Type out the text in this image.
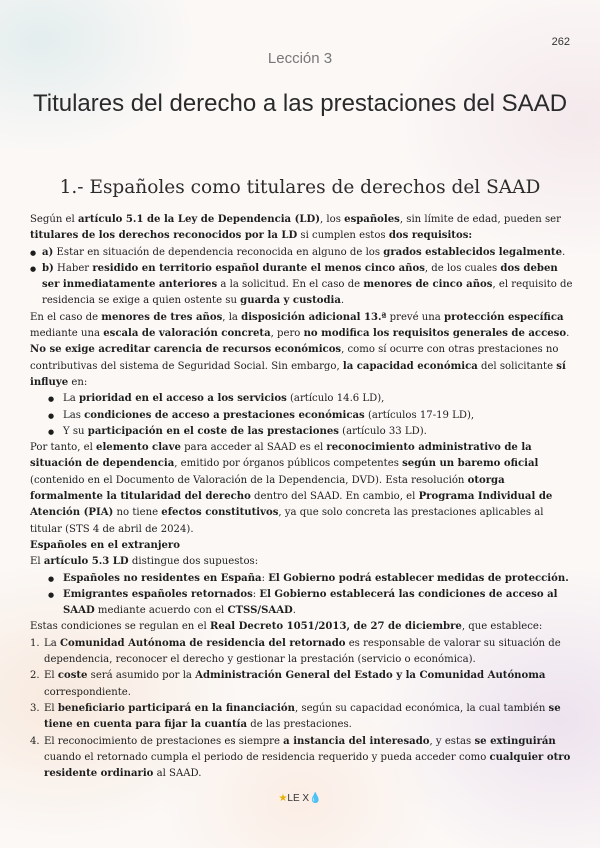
262
Lección 3
Titulares del derecho a las prestaciones del SAAD
1.- Españoles como titulares de derechos del SAAD

Según el artículo 5.1 de la Ley de Dependencia (LD), los españoles, sin límite de edad, pueden ser titulares de los derechos reconocidos por la LD si cumplen estos dos requisitos:

● a) Estar en situación de dependencia reconocida en alguno de los grados establecidos legalmente.
● b) Haber residido en territorio español durante el menos cinco años, de los cuales dos deben ser inmediatamente anteriores a la solicitud. En el caso de menores de cinco años, el requisito de residencia se exige a quien ostente su guarda y custodia.

En el caso de menores de tres años, la disposición adicional 13.ª prevé una protección específica mediante una escala de valoración concreta, pero no modifica los requisitos generales de acceso.

No se exige acreditar carencia de recursos económicos, como sí ocurre con otras prestaciones no contributivas del sistema de Seguridad Social. Sin embargo, la capacidad económica del solicitante sí influye en:

● La prioridad en el acceso a los servicios (artículo 14.6 LD),
● Las condiciones de acceso a prestaciones económicas (artículos 17-19 LD),
● Y su participación en el coste de las prestaciones (artículo 33 LD).

Por tanto, el elemento clave para acceder al SAAD es el reconocimiento administrativo de la situación de dependencia, emitido por órganos públicos competentes según un baremo oficial (contenido en el Documento de Valoración de la Dependencia, DVD). Esta resolución otorga formalmente la titularidad del derecho dentro del SAAD. En cambio, el Programa Individual de Atención (PIA) no tiene efectos constitutivos, ya que solo concreta las prestaciones aplicables al titular (STS 4 de abril de 2024).

Españoles en el extranjero

El artículo 5.3 LD distingue dos supuestos:

● Españoles no residentes en España: El Gobierno podrá establecer medidas de protección.
● Emigrantes españoles retornados: El Gobierno establecerá las condiciones de acceso al SAAD mediante acuerdo con el CTSS/SAAD.

Estas condiciones se regulan en el Real Decreto 1051/2013, de 27 de diciembre, que establece:

1. La Comunidad Autónoma de residencia del retornado es responsable de valorar su situación de dependencia, reconocer el derecho y gestionar la prestación (servicio o económica).
2. El coste será asumido por la Administración General del Estado y la Comunidad Autónoma correspondiente.
3. El beneficiario participará en la financiación, según su capacidad económica, la cual también se tiene en cuenta para fijar la cuantía de las prestaciones.
4. El reconocimiento de prestaciones es siempre a instancia del interesado, y estas se extinguirán cuando el retornado cumpla el periodo de residencia requerido y pueda acceder como cualquier otro residente ordinario al SAAD.
★LE X💧
